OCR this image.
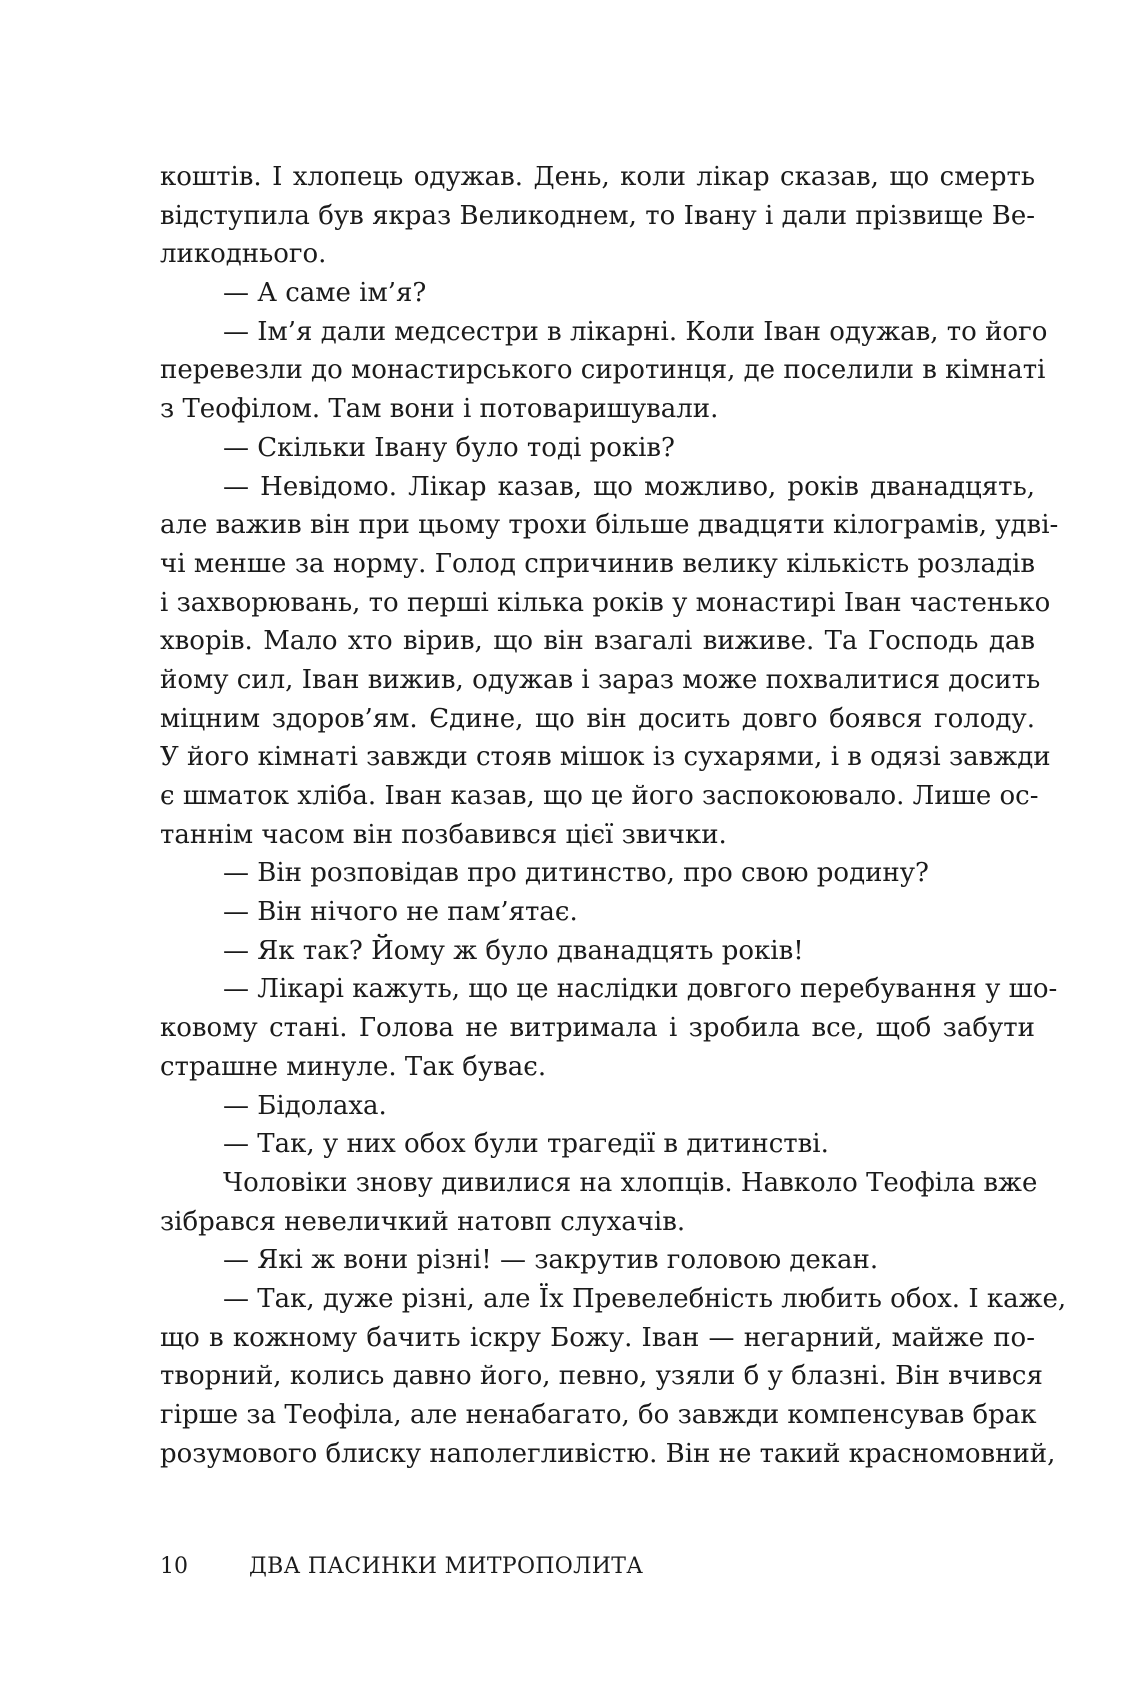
коштів. І хлопець одужав. День, коли лікар сказав, що смерть
відступила був якраз Великоднем, то Івану і дали прізвище Ве-
ликоднього.
— А саме ім’я?
— Ім’я дали медсестри в лікарні. Коли Іван одужав, то його
перевезли до монастирського сиротинця, де поселили в кімнаті
з Теофілом. Там вони і потоваришували.
— Скільки Івану було тоді років?
— Невідомо. Лікар казав, що можливо, років дванадцять,
але важив він при цьому трохи більше двадцяти кілограмів, удві-
чі менше за норму. Голод спричинив велику кількість розладів
і захворювань, то перші кілька років у монастирі Іван частенько
хворів. Мало хто вірив, що він взагалі виживе. Та Господь дав
йому сил, Іван вижив, одужав і зараз може похвалитися досить
міцним здоров’ям. Єдине, що він досить довго боявся голоду.
У його кімнаті завжди стояв мішок із сухарями, і в одязі завжди
є шматок хліба. Іван казав, що це його заспокоювало. Лише ос-
таннім часом він позбавився цієї звички.
— Він розповідав про дитинство, про свою родину?
— Він нічого не пам’ятає.
— Як так? Йому ж було дванадцять років!
— Лікарі кажуть, що це наслідки довгого перебування у шо-
ковому стані. Голова не витримала і зробила все, щоб забути
страшне минуле. Так буває.
— Бідолаха.
— Так, у них обох були трагедії в дитинстві.
Чоловіки знову дивилися на хлопців. Навколо Теофіла вже
зібрався невеличкий натовп слухачів.
— Які ж вони різні! — закрутив головою декан.
— Так, дуже різні, але Їх Превелебність любить обох. І каже,
що в кожному бачить іскру Божу. Іван — негарний, майже по-
творний, колись давно його, певно, узяли б у блазні. Він вчився
гірше за Теофіла, але ненабагато, бо завжди компенсував брак
розумового блиску наполегливістю. Він не такий красномовний,
10	ДВА ПАСИНКИ МИТРОПОЛИТА
